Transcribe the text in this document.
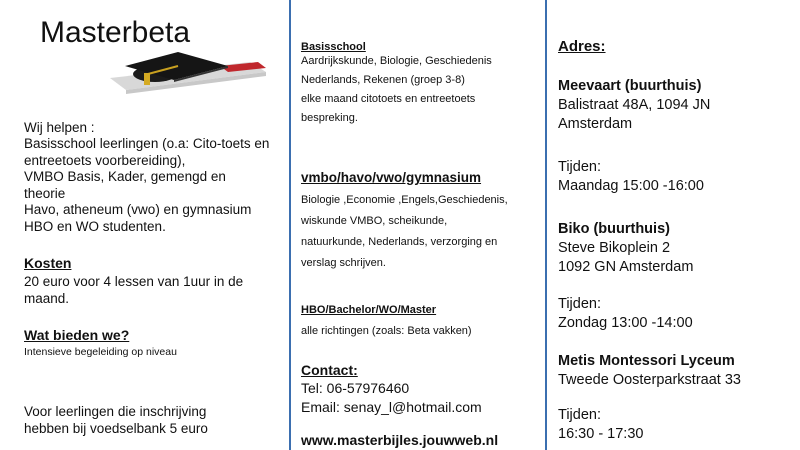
Masterbeta

Wij helpen :

Basisschool leerlingen (o.a: Cito-toets en
entreetoets voorbereiding),
VMBO Basis, Kader, gemengd en
theorie
Havo, atheneum (vwo) en gymnasium
HBO en WO studenten.

Kosten

20 euro voor 4 lessen van 1uur in de
maand.

Wat bieden we?

Intensieve begeleiding op niveau

Voor leerlingen die inschrijving
hebben bij voedselbank 5 euro

Basisschool

Aardrijkskunde, Biologie, Geschiedenis
Nederlands, Rekenen (groep 3-8)
elke maand citotoets en entreetoets
bespreking.

vmbo/havo/vwo/gymnasium

Biologie ,Economie ,Engels,Geschiedenis,
wiskunde VMBO, scheikunde,
natuurkunde, Nederlands, verzorging en
verslag schrijven.

HBO/Bachelor/WO/Master

alle richtingen (zoals: Beta vakken)

Contact:

Tel: 06-57976460

Email: senay_l@hotmail.com

www.masterbijles.jouwweb.nl

Adres:

Meevaart (buurthuis)

Balistraat 48A, 1094 JN

Amsterdam

Tijden:

Maandag 15:00 -16:00

Biko (buurthuis)

Steve Bikoplein 2

1092 GN Amsterdam

Tijden:

Zondag 13:00 -14:00

Metis Montessori Lyceum

Tweede Oosterparkstraat 33

Tijden:

16:30 - 17:30
